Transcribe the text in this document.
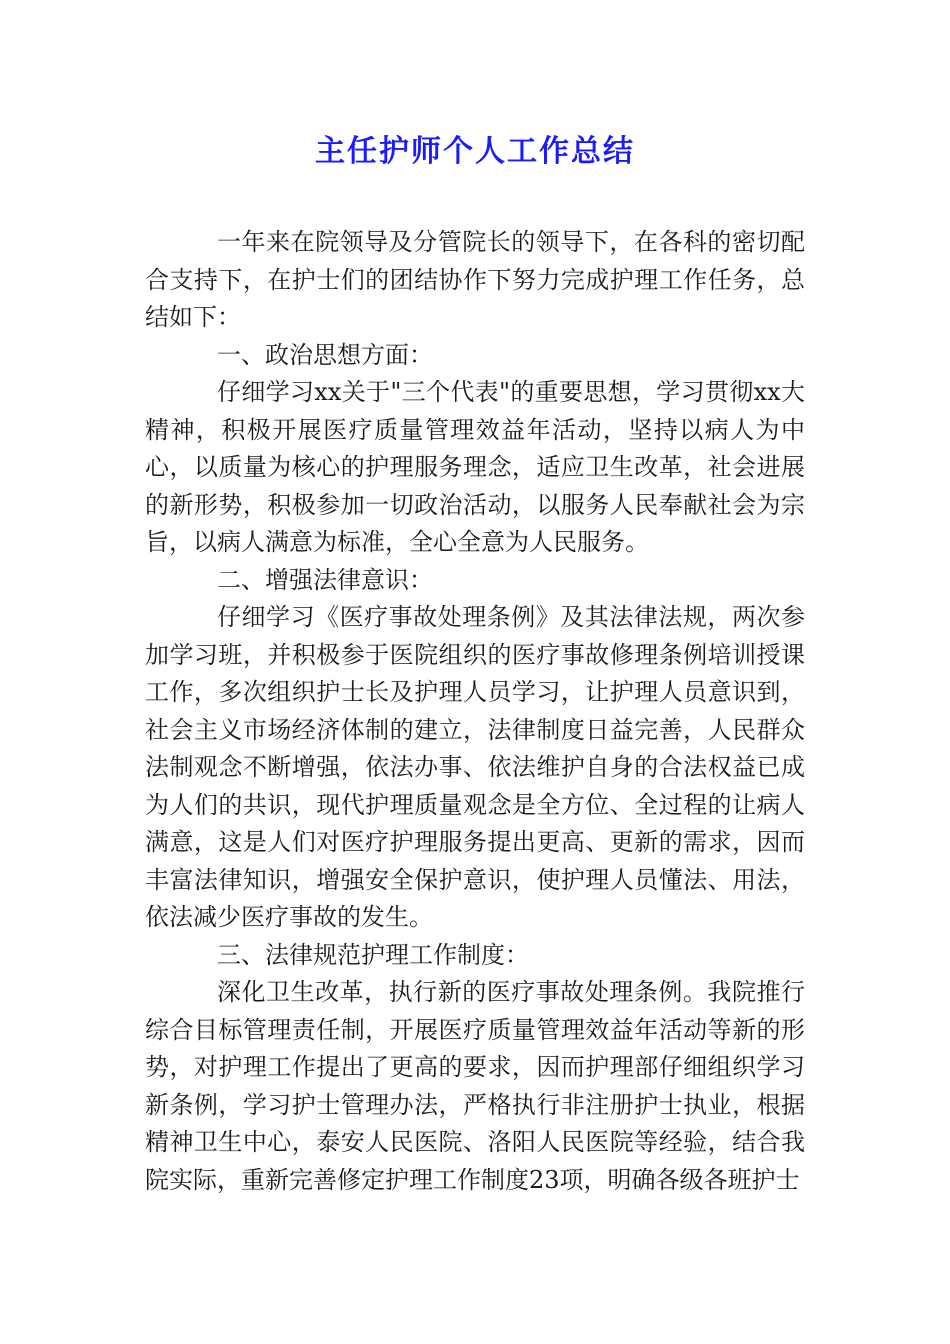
主任护师个人工作总结

一年来在院领导及分管院长的领导下，在各科的密切配合支持下，在护士们的团结协作下努力完成护理工作任务，总结如下：

一、政治思想方面：

仔细学习xx关于"三个代表"的重要思想，学习贯彻xx大精神，积极开展医疗质量管理效益年活动，坚持以病人为中心，以质量为核心的护理服务理念，适应卫生改革，社会进展的新形势，积极参加一切政治活动，以服务人民奉献社会为宗旨，以病人满意为标准，全心全意为人民服务。

二、增强法律意识：

仔细学习《医疗事故处理条例》及其法律法规，两次参加学习班，并积极参于医院组织的医疗事故修理条例培训授课工作，多次组织护士长及护理人员学习，让护理人员意识到，社会主义市场经济体制的建立，法律制度日益完善，人民群众法制观念不断增强，依法办事、依法维护自身的合法权益已成为人们的共识，现代护理质量观念是全方位、全过程的让病人满意，这是人们对医疗护理服务提出更高、更新的需求，因而丰富法律知识，增强安全保护意识，使护理人员懂法、用法，依法减少医疗事故的发生。

三、法律规范护理工作制度：

深化卫生改革，执行新的医疗事故处理条例。我院推行综合目标管理责任制，开展医疗质量管理效益年活动等新的形势，对护理工作提出了更高的要求，因而护理部仔细组织学习新条例，学习护士管理办法，严格执行非注册护士执业，根据精神卫生中心，泰安人民医院、洛阳人民医院等经验，结合我院实际，重新完善修定护理工作制度23项，明确各级各班护士
